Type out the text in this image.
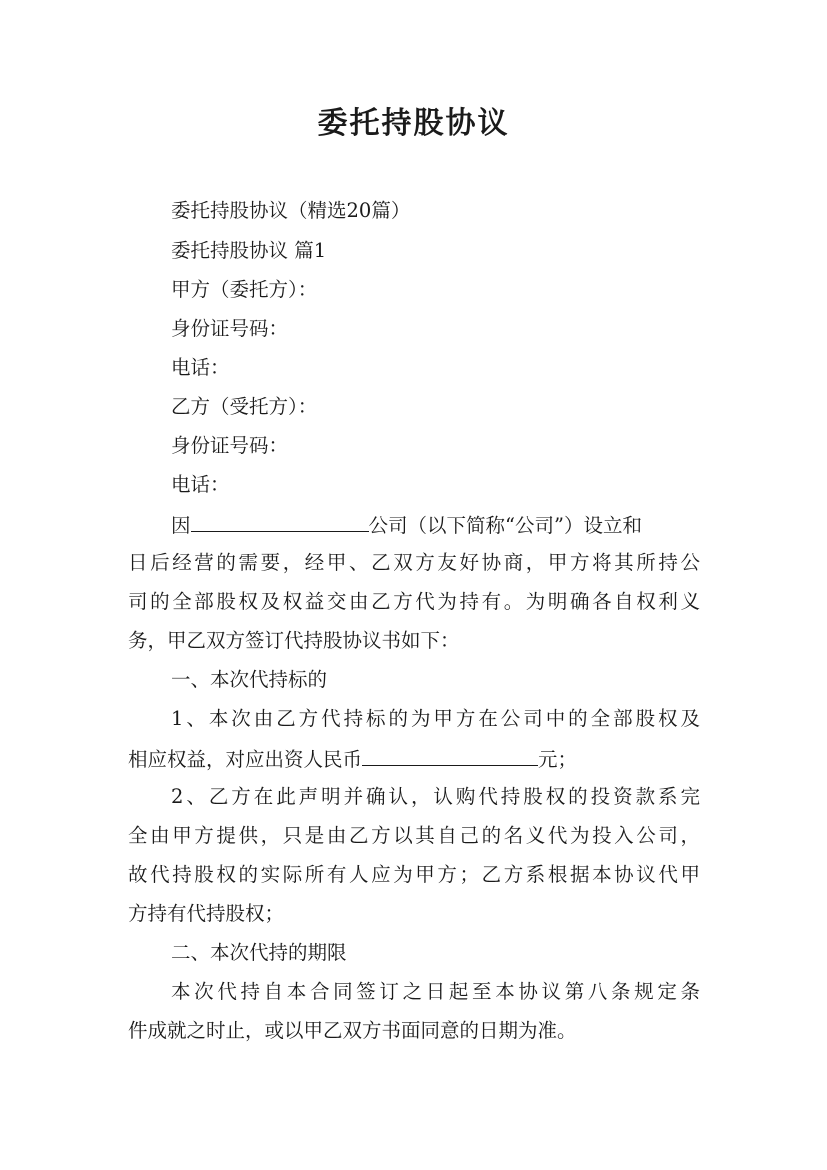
委托持股协议
委托持股协议（精选20篇）
委托持股协议 篇1
甲方（委托方）：
身份证号码：
电话：
乙方（受托方）：
身份证号码：
电话：
因	公司（以下简称“公司”）设立和
日后经营的需要，经甲、乙双方友好协商，甲方将其所持公
司的全部股权及权益交由乙方代为持有。为明确各自权利义
务，甲乙双方签订代持股协议书如下：
一、本次代持标的
1、本次由乙方代持标的为甲方在公司中的全部股权及
相应权益，对应出资人民币	元；
2、乙方在此声明并确认，认购代持股权的投资款系完
全由甲方提供，只是由乙方以其自己的名义代为投入公司，
故代持股权的实际所有人应为甲方；乙方系根据本协议代甲
方持有代持股权；
二、本次代持的期限
本次代持自本合同签订之日起至本协议第八条规定条
件成就之时止，或以甲乙双方书面同意的日期为准。
